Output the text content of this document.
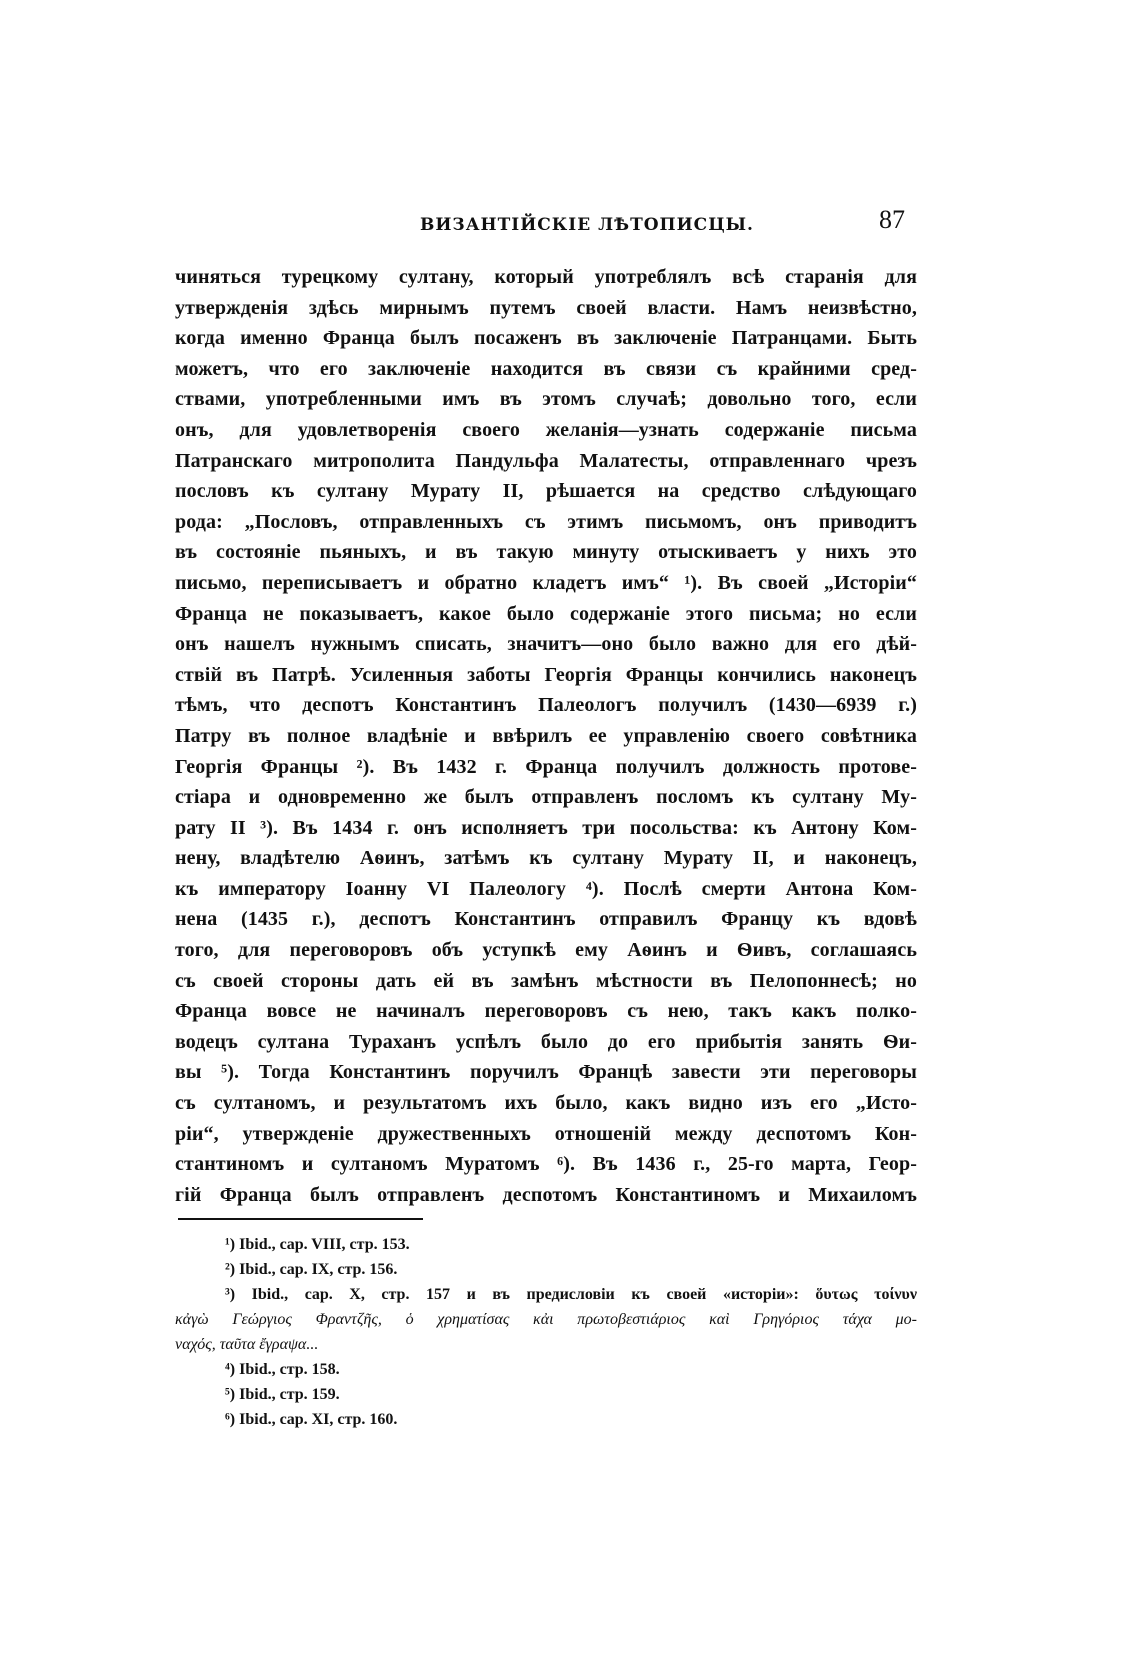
ВИЗАНТІЙСКІЕ ЛѢТОПИСЦЫ.	87
чиняться турецкому султану, который употреблялъ всѣ старанія для
утвержденія здѣсь мирнымъ путемъ своей власти. Намъ неизвѣстно,
когда именно Франца былъ посаженъ въ заключеніе Патранцами. Быть
можетъ, что его заключеніе находится въ связи съ крайними сред-
ствами, употребленными имъ въ этомъ случаѣ; довольно того, если
онъ, для удовлетворенія своего желанія—узнать содержаніе письма
Патранскаго митрополита Пандульфа Малатесты, отправленнаго чрезъ
пословъ къ султану Мурату II, рѣшается на средство слѣдующаго
рода: „Пословъ, отправленныхъ съ этимъ письмомъ, онъ приводитъ
въ состояніе пьяныхъ, и въ такую минуту отыскиваетъ у нихъ это
письмо, переписываетъ и обратно кладетъ имъ“ ¹). Въ своей „Исторіи“
Франца не показываетъ, какое было содержаніе этого письма; но если
онъ нашелъ нужнымъ списать, значитъ—оно было важно для его дѣй-
ствій въ Патрѣ. Усиленныя заботы Георгія Францы кончились наконецъ
тѣмъ, что деспотъ Константинъ Палеологъ получилъ (1430—6939 г.)
Патру въ полное владѣніе и ввѣрилъ ее управленію своего совѣтника
Георгія Францы ²). Въ 1432 г. Франца получилъ должность протове-
стіара и одновременно же былъ отправленъ посломъ къ султану Му-
рату II ³). Въ 1434 г. онъ исполняетъ три посольства: къ Антону Ком-
нену, владѣтелю Аѳинъ, затѣмъ къ султану Мурату II, и наконецъ,
къ императору Іоанну VI Палеологу ⁴). Послѣ смерти Антона Ком-
нена (1435 г.), деспотъ Константинъ отправилъ Францу къ вдовѣ
того, для переговоровъ объ уступкѣ ему Аѳинъ и Ѳивъ, соглашаясь
съ своей стороны дать ей въ замѣнъ мѣстности въ Пелопоннесѣ; но
Франца вовсе не начиналъ переговоровъ съ нею, такъ какъ полко-
водецъ султана Тураханъ успѣлъ было до его прибытія занять Ѳи-
вы ⁵). Тогда Константинъ поручилъ Францѣ завести эти переговоры
съ султаномъ, и результатомъ ихъ было, какъ видно изъ его „Исто-
ріи“, утвержденіе дружественныхъ отношеній между деспотомъ Кон-
стантиномъ и султаномъ Муратомъ ⁶). Въ 1436 г., 25-го марта, Геор-
гій Франца былъ отправленъ деспотомъ Константиномъ и Михаиломъ
¹) Ibid., cap. VIII, стр. 153.
²) Ibid., cap. IX, стр. 156.
³) Ibid., cap. X, стр. 157 и въ предисловіи къ своей «исторіи»: ὅυτως τοίνυν
κἀγὼ Γεώργιος Φραντζῆς, ὁ χρηματίσας κἀι πρωτοβεστιάριος καὶ Γρηγόριος τάχα μο-
ναχός, ταῦτα ἔγραψα...
⁴) Ibid., стр. 158.
⁵) Ibid., стр. 159.
⁶) Ibid., cap. XI, стр. 160.
